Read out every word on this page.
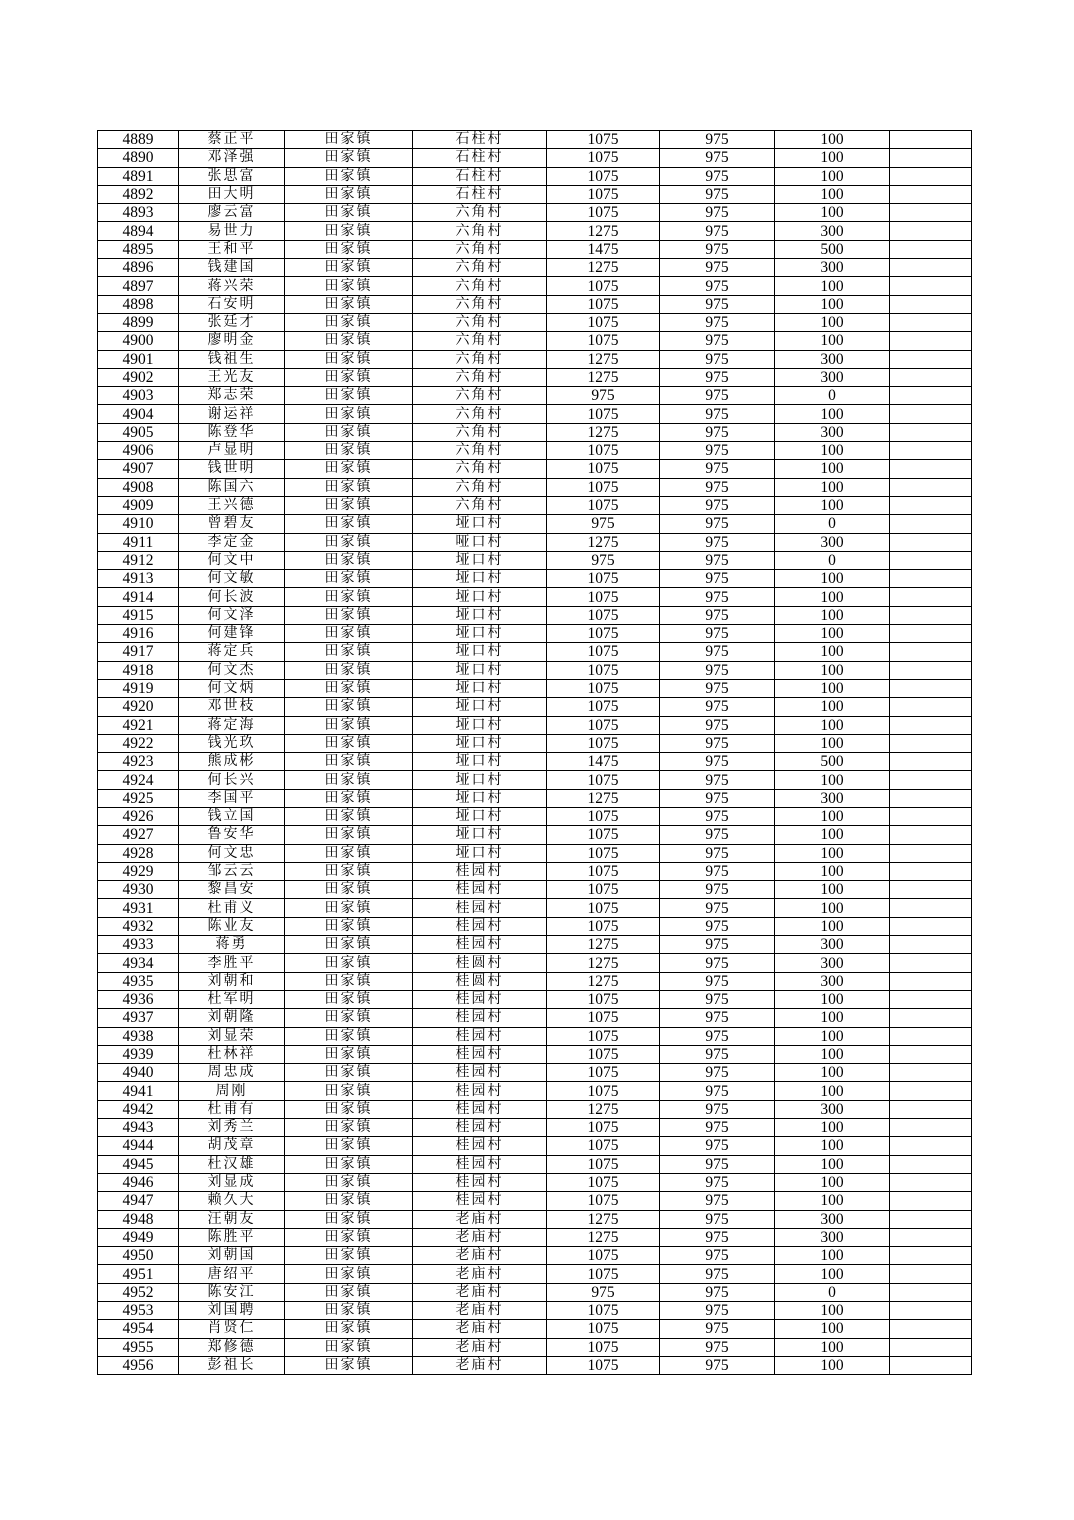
4889	蔡正平	田家镇	石柱村	1075	975	100	
4890	邓泽强	田家镇	石柱村	1075	975	100	
4891	张思富	田家镇	石柱村	1075	975	100	
4892	田大明	田家镇	石柱村	1075	975	100	
4893	廖云富	田家镇	六角村	1075	975	100	
4894	易世力	田家镇	六角村	1275	975	300	
4895	王和平	田家镇	六角村	1475	975	500	
4896	钱建国	田家镇	六角村	1275	975	300	
4897	蒋兴荣	田家镇	六角村	1075	975	100	
4898	石安明	田家镇	六角村	1075	975	100	
4899	张廷才	田家镇	六角村	1075	975	100	
4900	廖明金	田家镇	六角村	1075	975	100	
4901	钱祖生	田家镇	六角村	1275	975	300	
4902	王光友	田家镇	六角村	1275	975	300	
4903	郑志荣	田家镇	六角村	975	975	0	
4904	谢运祥	田家镇	六角村	1075	975	100	
4905	陈登华	田家镇	六角村	1275	975	300	
4906	卢显明	田家镇	六角村	1075	975	100	
4907	钱世明	田家镇	六角村	1075	975	100	
4908	陈国六	田家镇	六角村	1075	975	100	
4909	王兴德	田家镇	六角村	1075	975	100	
4910	曾碧友	田家镇	垭口村	975	975	0	
4911	李定金	田家镇	哑口村	1275	975	300	
4912	何文中	田家镇	垭口村	975	975	0	
4913	何文敏	田家镇	垭口村	1075	975	100	
4914	何长波	田家镇	垭口村	1075	975	100	
4915	何文泽	田家镇	垭口村	1075	975	100	
4916	何建锋	田家镇	垭口村	1075	975	100	
4917	蒋定兵	田家镇	垭口村	1075	975	100	
4918	何文杰	田家镇	垭口村	1075	975	100	
4919	何文炳	田家镇	垭口村	1075	975	100	
4920	邓世枝	田家镇	垭口村	1075	975	100	
4921	蒋定海	田家镇	垭口村	1075	975	100	
4922	钱光玖	田家镇	垭口村	1075	975	100	
4923	熊成彬	田家镇	垭口村	1475	975	500	
4924	何长兴	田家镇	垭口村	1075	975	100	
4925	李国平	田家镇	垭口村	1275	975	300	
4926	钱立国	田家镇	垭口村	1075	975	100	
4927	鲁安华	田家镇	垭口村	1075	975	100	
4928	何文忠	田家镇	垭口村	1075	975	100	
4929	邹云云	田家镇	桂园村	1075	975	100	
4930	黎昌安	田家镇	桂园村	1075	975	100	
4931	杜甫义	田家镇	桂园村	1075	975	100	
4932	陈业友	田家镇	桂园村	1075	975	100	
4933	蒋勇	田家镇	桂园村	1275	975	300	
4934	李胜平	田家镇	桂圆村	1275	975	300	
4935	刘朝和	田家镇	桂圆村	1275	975	300	
4936	杜军明	田家镇	桂园村	1075	975	100	
4937	刘朝隆	田家镇	桂园村	1075	975	100	
4938	刘显荣	田家镇	桂园村	1075	975	100	
4939	杜林祥	田家镇	桂园村	1075	975	100	
4940	周忠成	田家镇	桂园村	1075	975	100	
4941	周刚	田家镇	桂园村	1075	975	100	
4942	杜甫有	田家镇	桂园村	1275	975	300	
4943	刘秀兰	田家镇	桂园村	1075	975	100	
4944	胡茂章	田家镇	桂园村	1075	975	100	
4945	杜汉雄	田家镇	桂园村	1075	975	100	
4946	刘显成	田家镇	桂园村	1075	975	100	
4947	赖久大	田家镇	桂园村	1075	975	100	
4948	汪朝友	田家镇	老庙村	1275	975	300	
4949	陈胜平	田家镇	老庙村	1275	975	300	
4950	刘朝国	田家镇	老庙村	1075	975	100	
4951	唐绍平	田家镇	老庙村	1075	975	100	
4952	陈安江	田家镇	老庙村	975	975	0	
4953	刘国聘	田家镇	老庙村	1075	975	100	
4954	肖贤仁	田家镇	老庙村	1075	975	100	
4955	郑修德	田家镇	老庙村	1075	975	100	
4956	彭祖长	田家镇	老庙村	1075	975	100	
